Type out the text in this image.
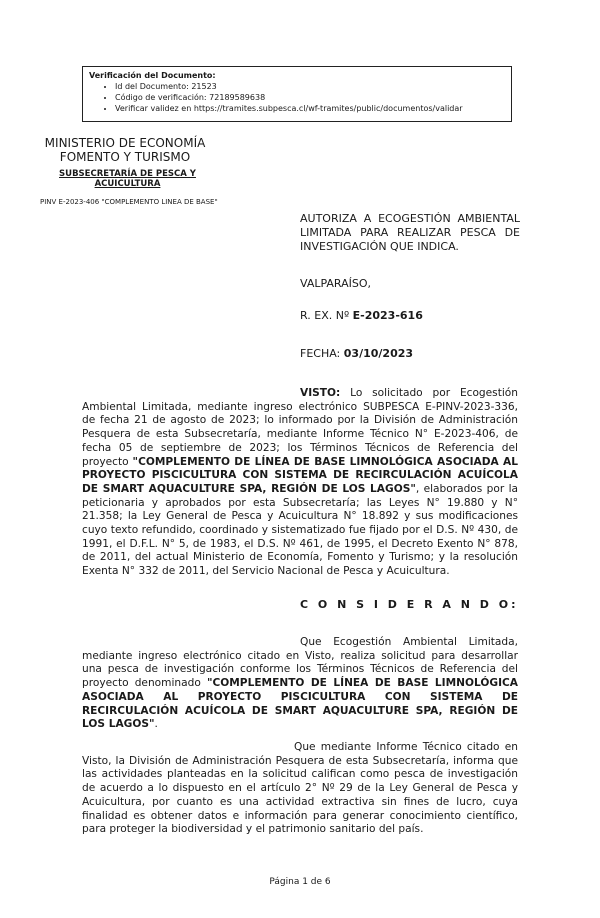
Verificación del Documento:
• Id del Documento: 21523
• Código de verificación: 72189589638
• Verificar validez en https://tramites.subpesca.cl/wf-tramites/public/documentos/validar
MINISTERIO DE ECONOMÍA
FOMENTO Y TURISMO
SUBSECRETARÍA DE PESCA Y ACUICULTURA
PINV E-2023-406 "COMPLEMENTO LINEA DE BASE"
AUTORIZA A ECOGESTIÓN AMBIENTAL LIMITADA PARA REALIZAR PESCA DE INVESTIGACIÓN QUE INDICA.
VALPARAÍSO,
R. EX. Nº E-2023-616
FECHA: 03/10/2023
VISTO: Lo solicitado por Ecogestión Ambiental Limitada, mediante ingreso electrónico SUBPESCA E-PINV-2023-336, de fecha 21 de agosto de 2023; lo informado por la División de Administración Pesquera de esta Subsecretaría, mediante Informe Técnico N° E-2023-406, de fecha 05 de septiembre de 2023; los Términos Técnicos de Referencia del proyecto "COMPLEMENTO DE LÍNEA DE BASE LIMNOLÓGICA ASOCIADA AL PROYECTO PISCICULTURA CON SISTEMA DE RECIRCULACIÓN ACUÍCOLA DE SMART AQUACULTURE SPA, REGIÓN DE LOS LAGOS", elaborados por la peticionaria y aprobados por esta Subsecretaría; las Leyes N° 19.880 y N° 21.358; la Ley General de Pesca y Acuicultura N° 18.892 y sus modificaciones cuyo texto refundido, coordinado y sistematizado fue fijado por el D.S. Nº 430, de 1991, el D.F.L. N° 5, de 1983, el D.S. Nº 461, de 1995, el Decreto Exento N° 878, de 2011, del actual Ministerio de Economía, Fomento y Turismo; y la resolución Exenta N° 332 de 2011, del Servicio Nacional de Pesca y Acuicultura.
C O N S I D E R A N D O:
Que Ecogestión Ambiental Limitada, mediante ingreso electrónico citado en Visto, realiza solicitud para desarrollar una pesca de investigación conforme los Términos Técnicos de Referencia del proyecto denominado "COMPLEMENTO DE LÍNEA DE BASE LIMNOLÓGICA ASOCIADA AL PROYECTO PISCICULTURA CON SISTEMA DE RECIRCULACIÓN ACUÍCOLA DE SMART AQUACULTURE SPA, REGIÓN DE LOS LAGOS".
Que mediante Informe Técnico citado en Visto, la División de Administración Pesquera de esta Subsecretaría, informa que las actividades planteadas en la solicitud califican como pesca de investigación de acuerdo a lo dispuesto en el artículo 2° Nº 29 de la Ley General de Pesca y Acuicultura, por cuanto es una actividad extractiva sin fines de lucro, cuya finalidad es obtener datos e información para generar conocimiento científico, para proteger la biodiversidad y el patrimonio sanitario del país.
Página 1 de 6
